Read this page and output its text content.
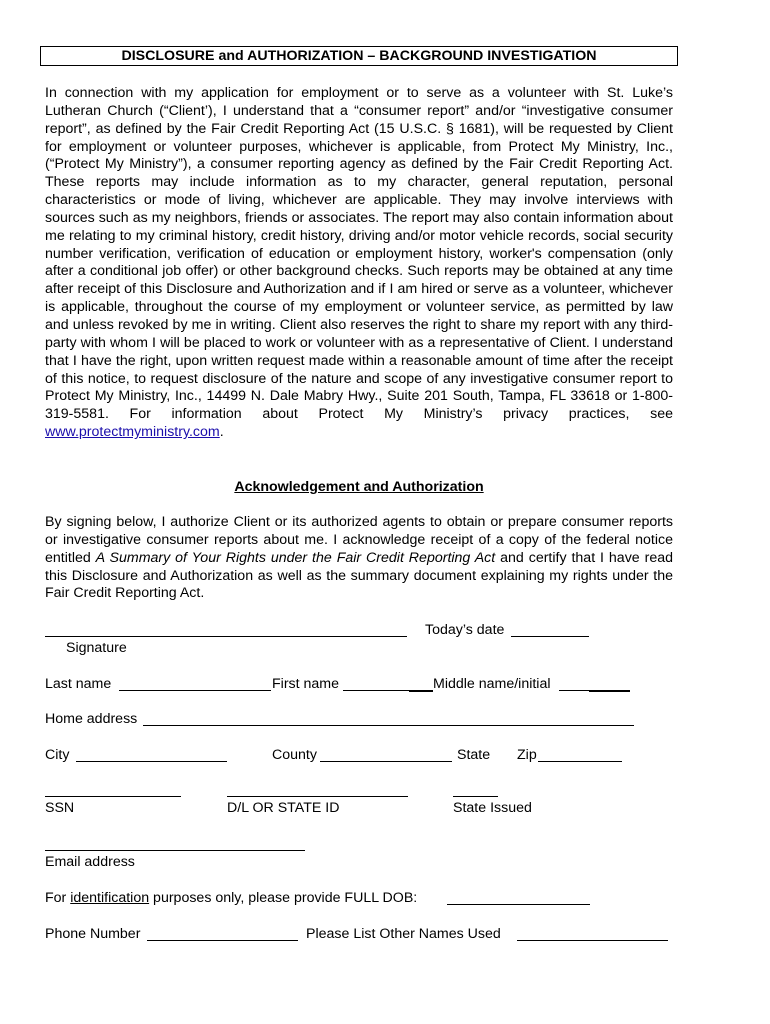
DISCLOSURE and AUTHORIZATION – BACKGROUND INVESTIGATION

In connection with my application for employment or to serve as a volunteer with St. Luke’s Lutheran Church (“Client’), I understand that a “consumer report” and/or “investigative consumer report”, as defined by the Fair Credit Reporting Act (15 U.S.C. § 1681), will be requested by Client for employment or volunteer purposes, whichever is applicable, from Protect My Ministry, Inc., (“Protect My Ministry”), a consumer reporting agency as defined by the Fair Credit Reporting Act. These reports may include information as to my character, general reputation, personal characteristics or mode of living, whichever are applicable. They may involve interviews with sources such as my neighbors, friends or associates. The report may also contain information about me relating to my criminal history, credit history, driving and/or motor vehicle records, social security number verification, verification of education or employment history, worker's compensation (only after a conditional job offer) or other background checks. Such reports may be obtained at any time after receipt of this Disclosure and Authorization and if I am hired or serve as a volunteer, whichever is applicable, throughout the course of my employment or volunteer service, as permitted by law and unless revoked by me in writing. Client also reserves the right to share my report with any third-party with whom I will be placed to work or volunteer with as a representative of Client. I understand that I have the right, upon written request made within a reasonable amount of time after the receipt of this notice, to request disclosure of the nature and scope of any investigative consumer report to Protect My Ministry, Inc., 14499 N. Dale Mabry Hwy., Suite 201 South, Tampa, FL 33618 or 1-800-319-5581. For information about Protect My Ministry’s privacy practices, see www.protectmyministry.com.

Acknowledgement and Authorization

By signing below, I authorize Client or its authorized agents to obtain or prepare consumer reports or investigative consumer reports about me. I acknowledge receipt of a copy of the federal notice entitled A Summary of Your Rights under the Fair Credit Reporting Act and certify that I have read this Disclosure and Authorization as well as the summary document explaining my rights under the Fair Credit Reporting Act.

Today’s date
Signature
Last name	First name	Middle name/initial
Home address
City	County	State Zip
SSN	D/L OR STATE ID	State Issued
Email address
For identification purposes only, please provide FULL DOB:
Phone Number	Please List Other Names Used
